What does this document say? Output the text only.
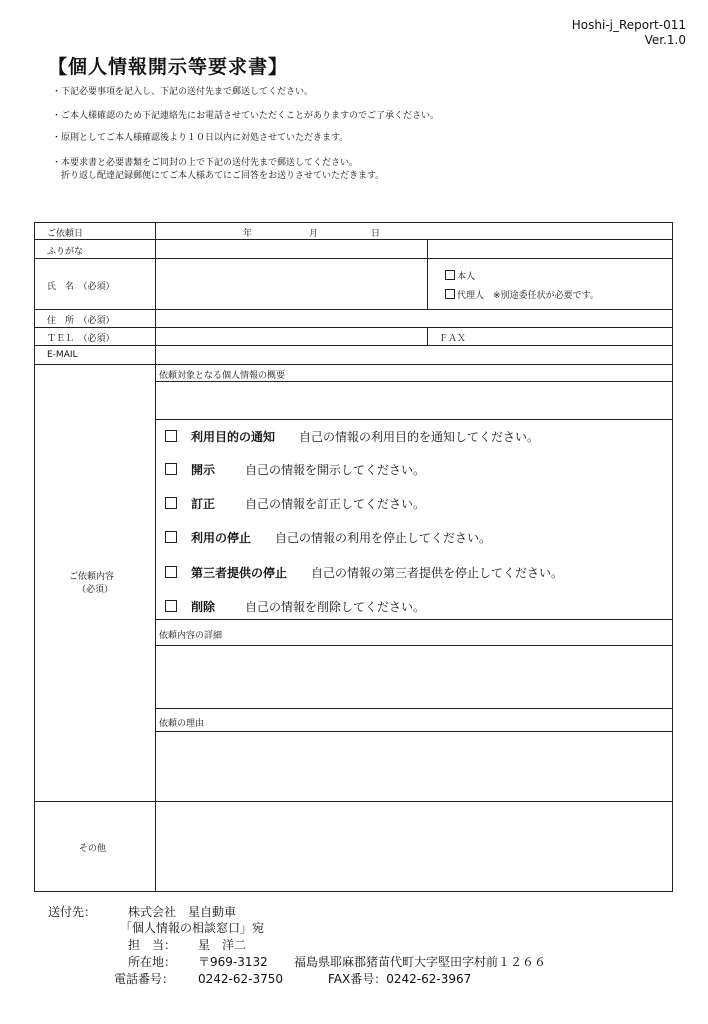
Hoshi-j_Report-011
Ver.1.0
【個人情報開示等要求書】
・下記必要事項を記入し、下記の送付先まで郵送してください。
・ご本人様確認のため下記連絡先にお電話させていただくことがありますのでご了承ください。
・原則としてご本人様確認後より１０日以内に対処させていただきます。
・本要求書と必要書類をご同封の上で下記の送付先まで郵送してください。
　折り返し配達記録郵便にてご本人様あてにご回答をお送りさせていただきます。
ご依頼日	年	月	日
ふりがな
氏　名　（必須）
本人
代理人　 ※別途委任状が必要です。
住　所　（必須）
ＴＥＬ　（必須）	ＦＡＸ
E-MAIL
ご依頼内容
（必須）
依頼対象となる個人情報の概要
利用目的の通知 自己の情報の利用目的を通知してください。
開示 自己の情報を開示してください。
訂正 自己の情報を訂正してください。
利用の停止 自己の情報の利用を停止してください。
第三者提供の停止 自己の情報の第三者提供を停止してください。
削除 自己の情報を削除してください。
依頼内容の詳細
依頼の理由
その他
送付先：	株式会社　星自動車
「個人情報の相談窓口」宛
担　当： 星　洋二
所在地： 〒969-3132 福島県耶麻郡猪苗代町大字堅田字村前１２６６
電話番号： 0242-62-3750	FAX番号：0242-62-3967
